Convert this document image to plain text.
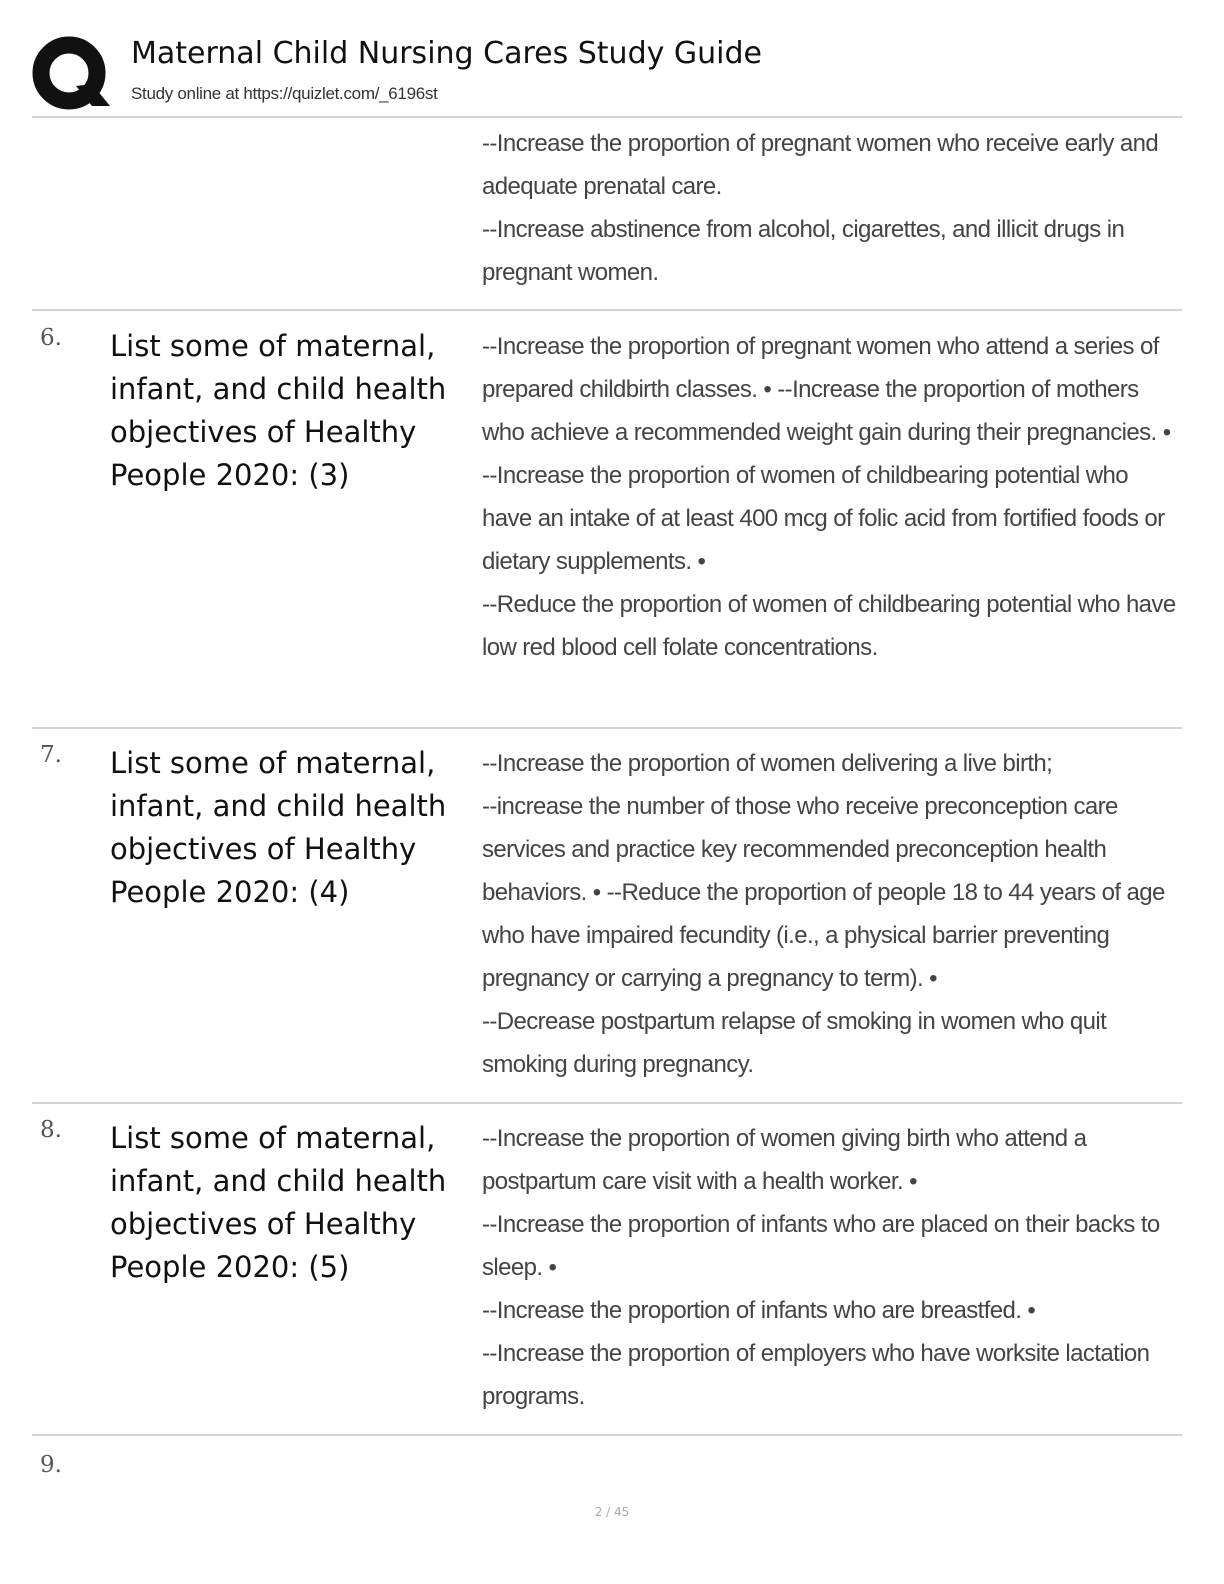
Maternal Child Nursing Cares Study Guide
Study online at https://quizlet.com/_6196st

--Increase the proportion of pregnant women who receive early and adequate prenatal care.

--Increase abstinence from alcohol, cigarettes, and illicit drugs in pregnant women.

6. List some of maternal, infant, and child health objectives of Healthy People 2020: (3)

--Increase the proportion of pregnant women who attend a series of prepared childbirth classes. • --Increase the proportion of mothers who achieve a recommended weight gain during their pregnancies. •

--Increase the proportion of women of childbearing potential who have an intake of at least 400 mcg of folic acid from fortified foods or dietary supplements. •

--Reduce the proportion of women of childbearing potential who have low red blood cell folate concentrations.

7. List some of maternal, infant, and child health objectives of Healthy People 2020: (4)

--Increase the proportion of women delivering a live birth;

--increase the number of those who receive preconception care services and practice key recommended preconception health behaviors. • --Reduce the proportion of people 18 to 44 years of age who have impaired fecundity (i.e., a physical barrier preventing pregnancy or carrying a pregnancy to term). •

--Decrease postpartum relapse of smoking in women who quit smoking during pregnancy.

8. List some of maternal, infant, and child health objectives of Healthy People 2020: (5)

--Increase the proportion of women giving birth who attend a postpartum care visit with a health worker. •

--Increase the proportion of infants who are placed on their backs to sleep. •

--Increase the proportion of infants who are breastfed. •

--Increase the proportion of employers who have worksite lactation programs.

9.
2 / 45
